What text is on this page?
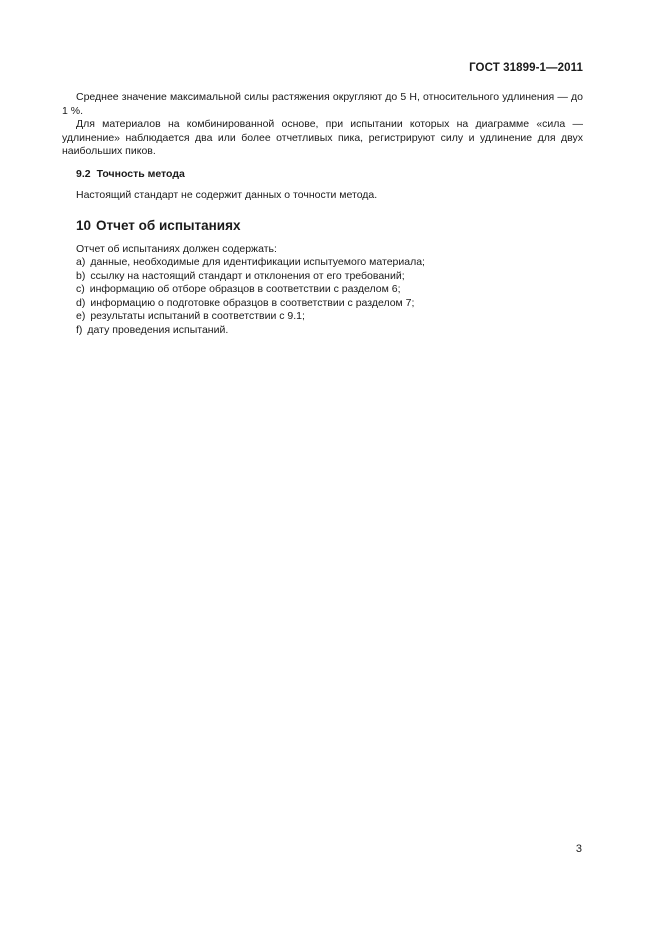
ГОСТ 31899-1—2011

Среднее значение максимальной силы растяжения округляют до 5 Н, относительного удлинения — до 1 %.

Для материалов на комбинированной основе, при испытании которых на диаграмме «сила — удлинение» наблюдается два или более отчетливых пика, регистрируют силу и удлинение для двух наибольших пиков.

9.2 Точность метода

Настоящий стандарт не содержит данных о точности метода.

10 Отчет об испытаниях

Отчет об испытаниях должен содержать:

a) данные, необходимые для идентификации испытуемого материала;
b) ссылку на настоящий стандарт и отклонения от его требований;
c) информацию об отборе образцов в соответствии с разделом 6;
d) информацию о подготовке образцов в соответствии с разделом 7;
e) результаты испытаний в соответствии с 9.1;
f) дату проведения испытаний.
3
